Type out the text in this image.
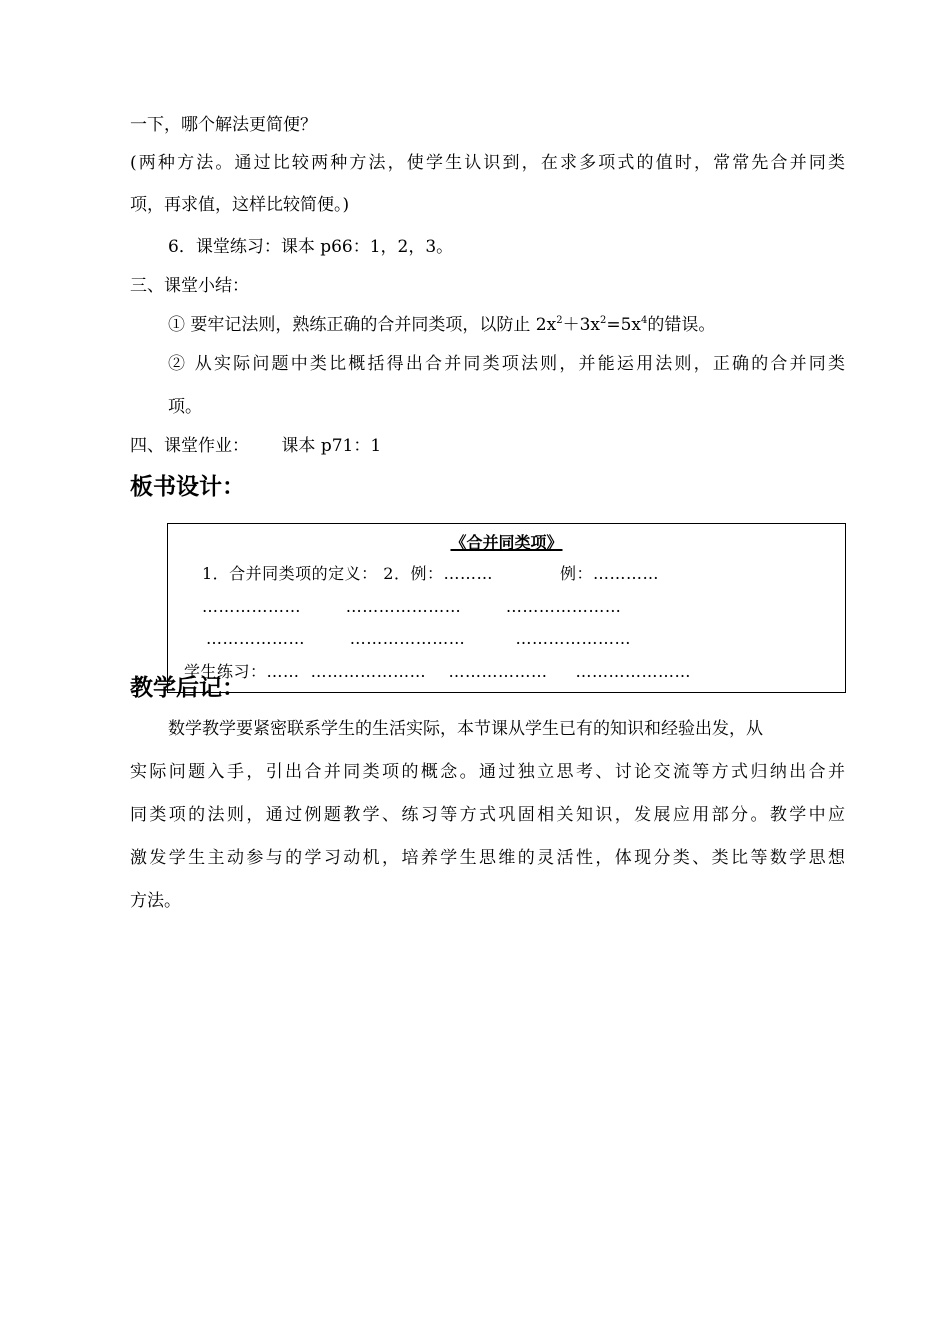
一下，哪个解法更简便？
(两种方法。通过比较两种方法，使学生认识到，在求多项式的值时，常常先合并同类
项，再求值，这样比较简便。)
6．课堂练习：课本 p66：1，2，3。
三、课堂小结：
① 要牢记法则，熟练正确的合并同类项，以防止 $2x^2+3x^2=5x^4$的错误。
② 从实际问题中类比概括得出合并同类项法则，并能运用法则，正确的合并同类
项。
四、课堂作业：      课本 p71：1
板书设计：
《合并同类项》
1．合并同类项的定义： 2．例：………            例：…………
………………        …………………        …………………
………………        …………………         …………………
学生练习：……  …………………    ………………     …………………
教学后记：
数学教学要紧密联系学生的生活实际，本节课从学生已有的知识和经验出发，从
实际问题入手，引出合并同类项的概念。通过独立思考、讨论交流等方式归纳出合并
同类项的法则，通过例题教学、练习等方式巩固相关知识，发展应用部分。教学中应
激发学生主动参与的学习动机，培养学生思维的灵活性，体现分类、类比等数学思想
方法。
